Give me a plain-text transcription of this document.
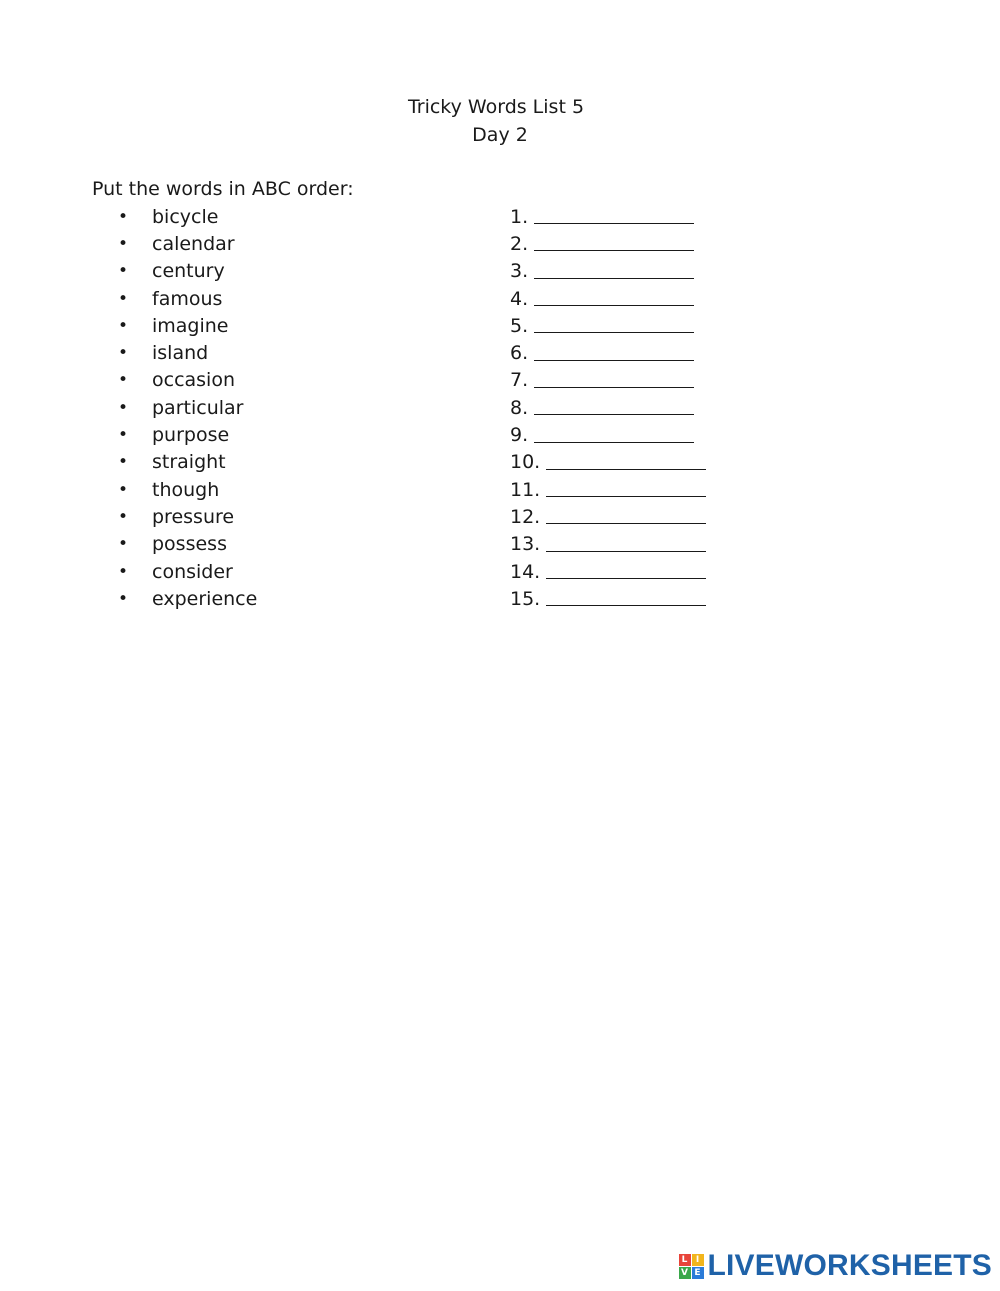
Tricky Words List 5
Day 2
Put the words in ABC order:
•	bicycle
•	calendar
•	century
•	famous
•	imagine
•	island
•	occasion
•	particular
•	purpose
•	straight
•	though
•	pressure
•	possess
•	consider
•	experience
1.
2.
3.
4.
5.
6.
7.
8.
9.
10.
11.
12.
13.
14.
15.
L I
V E LIVEWORKSHEETS
